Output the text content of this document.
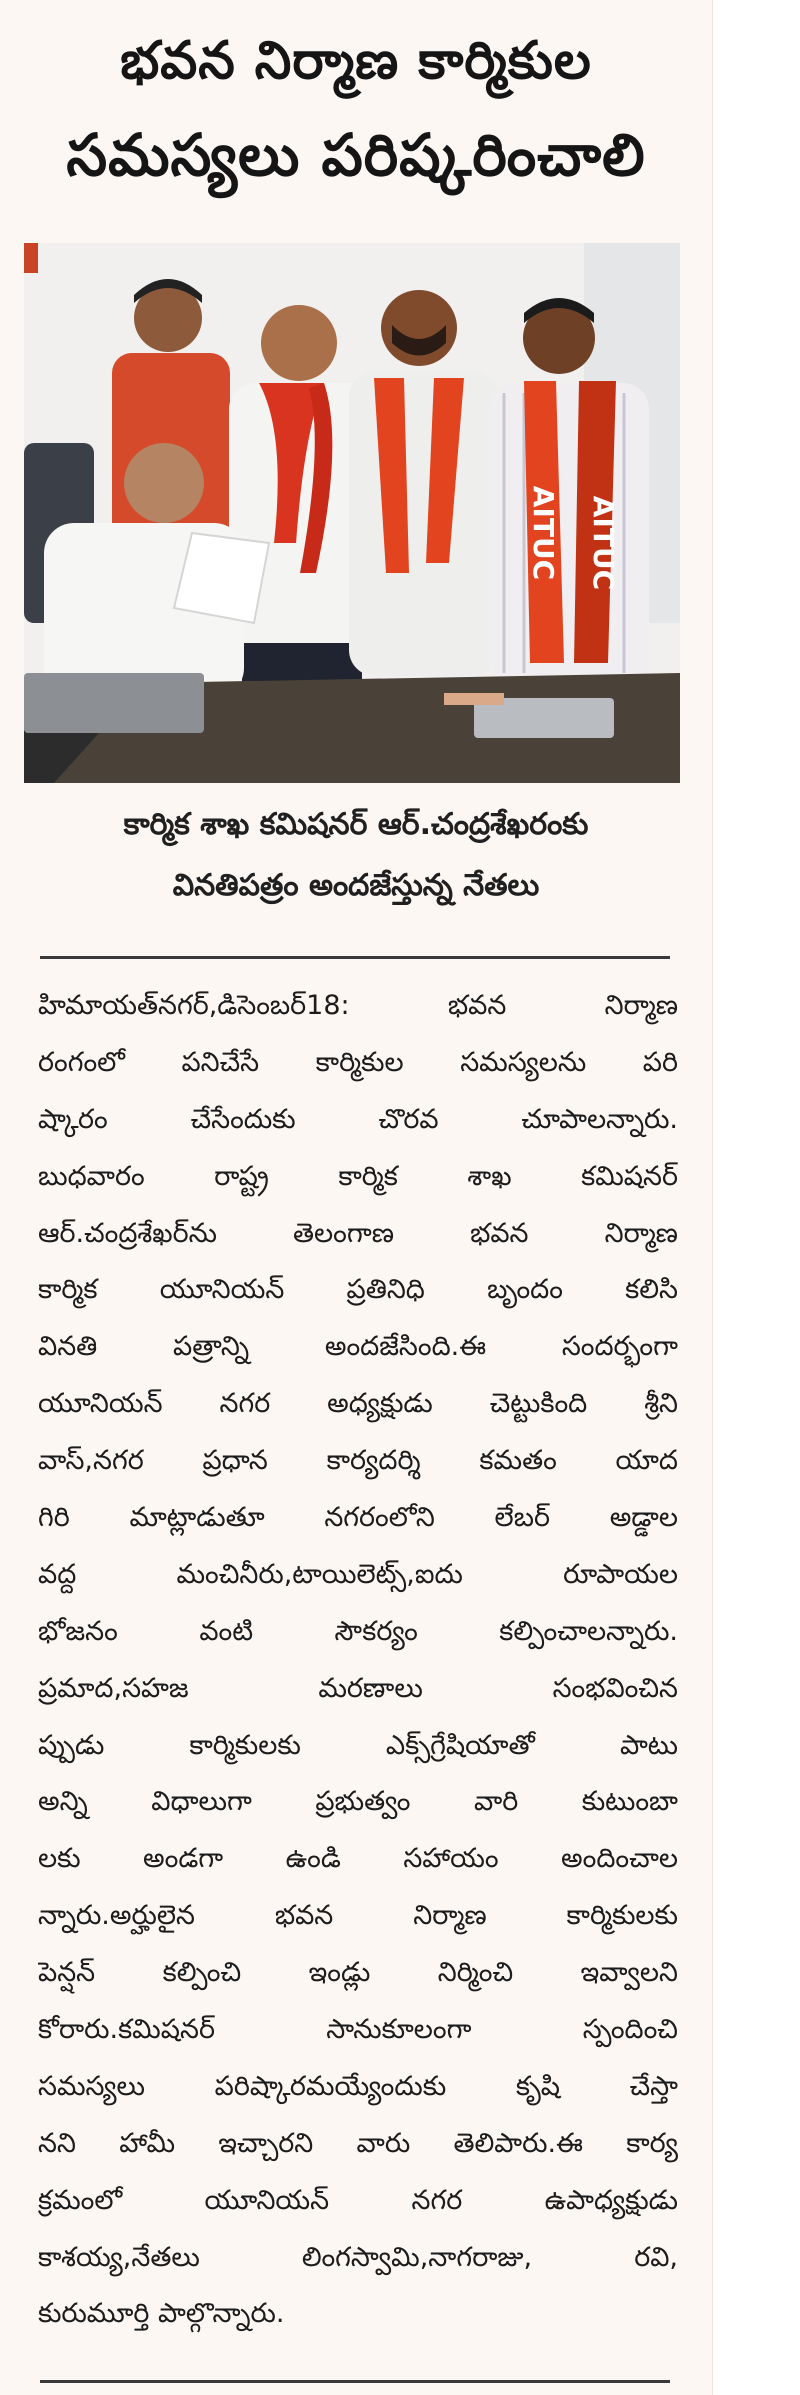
భవన నిర్మాణ కార్మికుల
సమస్యలు పరిష్కరించాలి
AITUC AITUC
కార్మిక శాఖ కమిషనర్ ఆర్.చంద్రశేఖరంకు
వినతిపత్రం అందజేస్తున్న నేతలు
హిమాయత్‌నగర్,డిసెంబర్18: భవన నిర్మాణ
రంగంలో పనిచేసే కార్మికుల సమస్యలను పరి
ష్కారం చేసేందుకు చొరవ చూపాలన్నారు.
బుధవారం రాష్ట్ర కార్మిక శాఖ కమిషనర్
ఆర్.చంద్రశేఖర్‌ను తెలంగాణ భవన నిర్మాణ
కార్మిక యూనియన్ ప్రతినిధి బృందం కలిసి
వినతి పత్రాన్ని అందజేసింది.ఈ సందర్భంగా
యూనియన్ నగర అధ్యక్షుడు చెట్టుకింది శ్రీని
వాస్,నగర ప్రధాన కార్యదర్శి కమతం యాద
గిరి మాట్లాడుతూ నగరంలోని లేబర్ అడ్డాల
వద్ద మంచినీరు,టాయిలెట్స్,ఐదు రూపాయల
భోజనం వంటి సౌకర్యం కల్పించాలన్నారు.
ప్రమాద,సహజ మరణాలు సంభవించిన
ప్పుడు కార్మికులకు ఎక్స్‌గ్రేషియాతో పాటు
అన్ని విధాలుగా ప్రభుత్వం వారి కుటుంబా
లకు అండగా ఉండి సహాయం అందించాల
న్నారు.అర్హులైన భవన నిర్మాణ కార్మికులకు
పెన్షన్ కల్పించి ఇండ్లు నిర్మించి ఇవ్వాలని
కోరారు.కమిషనర్ సానుకూలంగా స్పందించి
సమస్యలు పరిష్కారమయ్యేందుకు కృషి చేస్తా
నని హామీ ఇచ్చారని వారు తెలిపారు.ఈ కార్య
క్రమంలో యూనియన్ నగర ఉపాధ్యక్షుడు
కాశయ్య,నేతలు లింగస్వామి,నాగరాజు, రవి,
కురుమూర్తి పాల్గొన్నారు.
